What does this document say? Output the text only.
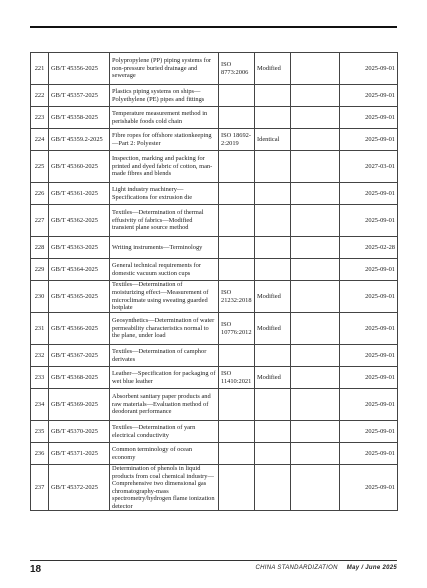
221	GB/T 45356-2025	Polypropylene (PP) piping systems for non-pressure buried drainage and sewerage	ISO 8773:2006	Modified		2025-09-01
222	GB/T 45357-2025	Plastics piping systems on ships—Polyethylene (PE) pipes and fittings				2025-09-01
223	GB/T 45358-2025	Temperature measurement method in perishable foods cold chain				2025-09-01
224	GB/T 45359.2-2025	Fibre ropes for offshore stationkeeping—Part 2: Polyester	ISO 18692-2:2019	Identical		2025-09-01
225	GB/T 45360-2025	Inspection, marking and packing for printed and dyed fabric of cotton, man-made fibres and blends				2027-03-01
226	GB/T 45361-2025	Light industry machinery—Specifications for extrusion die				2025-09-01
227	GB/T 45362-2025	Textiles—Determination of thermal effusivity of fabrics—Modified transient plane source method				2025-09-01
228	GB/T 45363-2025	Writing instruments—Terminology				2025-02-28
229	GB/T 45364-2025	General technical requirements for domestic vacuum suction cups				2025-09-01
230	GB/T 45365-2025	Textiles—Determination of moisturizing effect—Measurement of microclimate using sweating guarded hotplate	ISO 21232:2018	Modified		2025-09-01
231	GB/T 45366-2025	Geosynthetics—Determination of water permeability characteristics normal to the plane, under load	ISO 10776:2012	Modified		2025-09-01
232	GB/T 45367-2025	Textiles—Determination of camphor derivates				2025-09-01
233	GB/T 45368-2025	Leather—Specification for packaging of wet blue leather	ISO 11410:2021	Modified		2025-09-01
234	GB/T 45369-2025	Absorbent sanitary paper products and raw materials—Evaluation method of deodorant performance				2025-09-01
235	GB/T 45370-2025	Textiles—Determination of yarn electrical conductivity				2025-09-01
236	GB/T 45371-2025	Common terminology of ocean economy				2025-09-01
237	GB/T 45372-2025	Determination of phenols in liquid products from coal chemical industry—Comprehensive two dimensional gas chromatography-mass spectrometry/hydrogen flame ionization detector				2025-09-01
18	CHINA STANDARDIZATION May / June 2025
